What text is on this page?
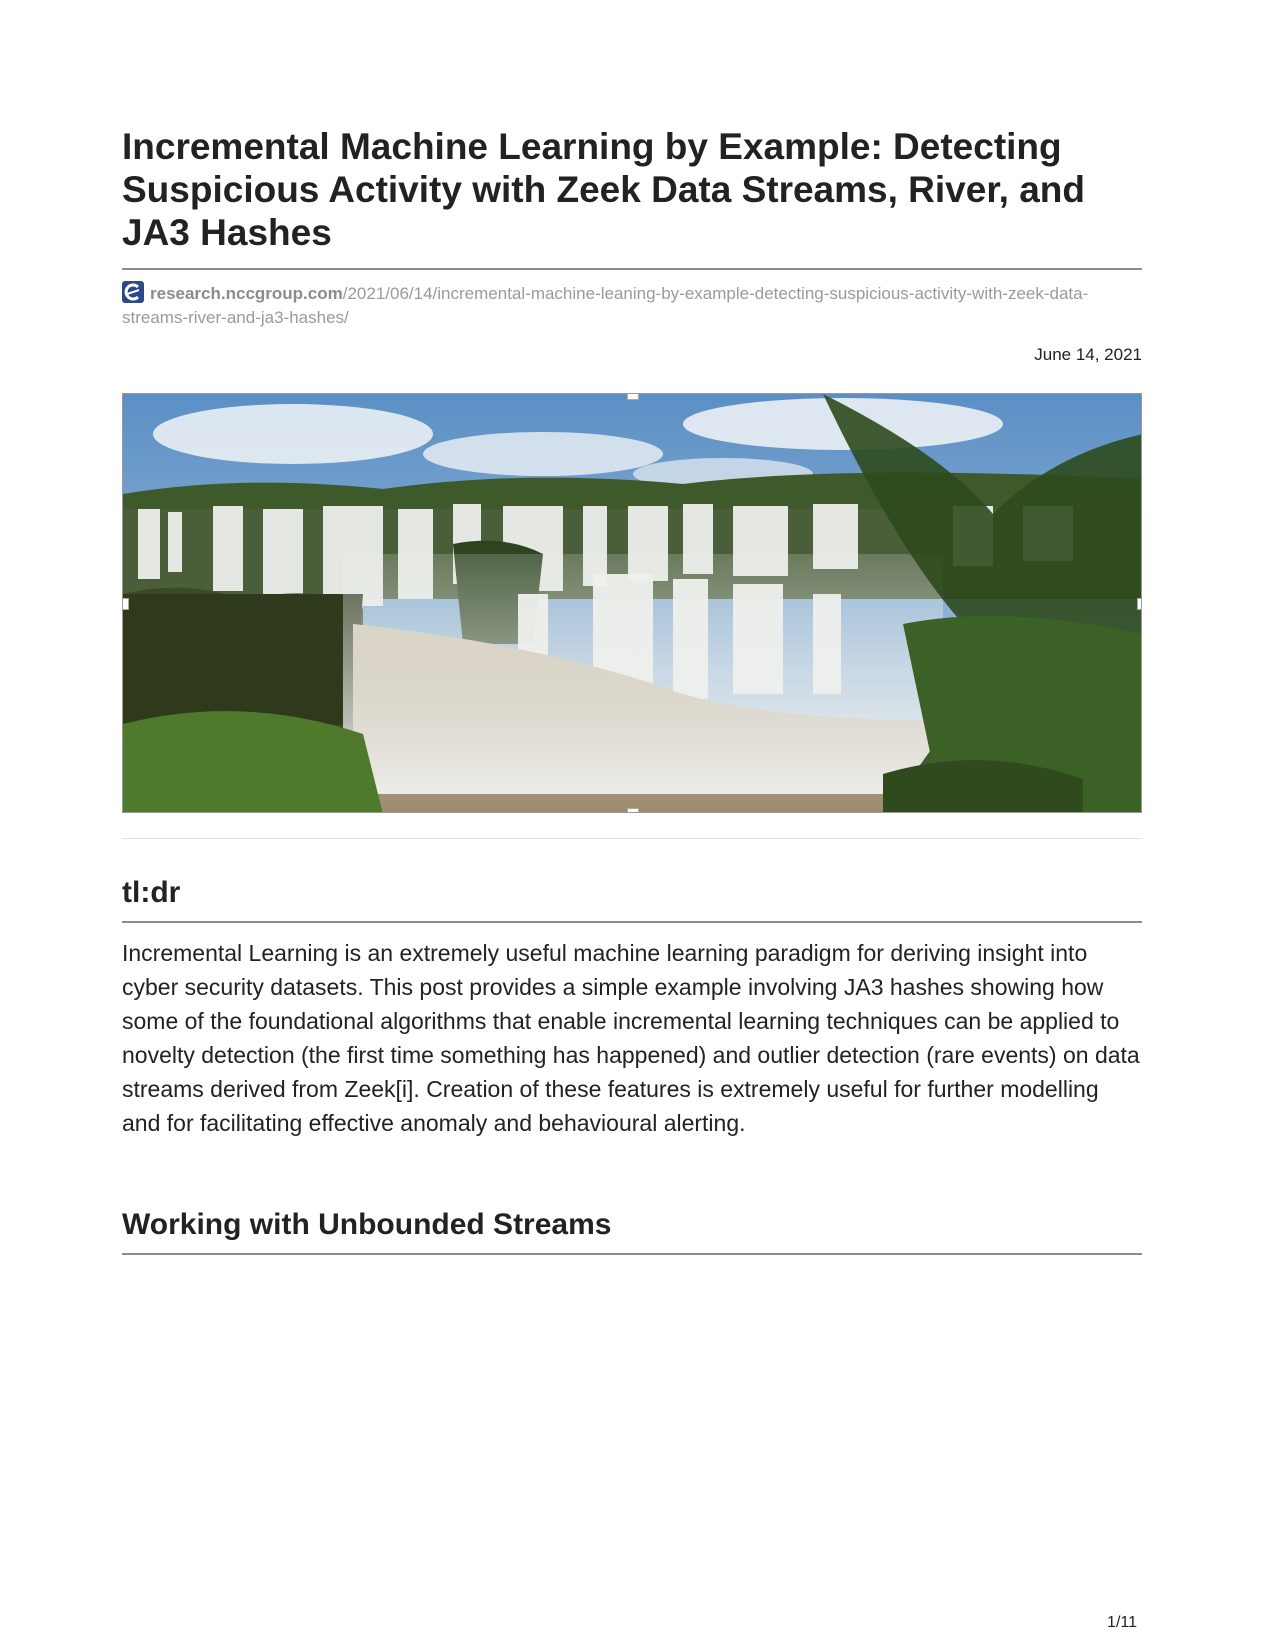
Incremental Machine Learning by Example: Detecting Suspicious Activity with Zeek Data Streams, River, and JA3 Hashes
research.nccgroup.com/2021/06/14/incremental-machine-leaning-by-example-detecting-suspicious-activity-with-zeek-data-streams-river-and-ja3-hashes/
June 14, 2021
tl:dr

Incremental Learning is an extremely useful machine learning paradigm for deriving insight into cyber security datasets. This post provides a simple example involving JA3 hashes showing how some of the foundational algorithms that enable incremental learning techniques can be applied to novelty detection (the first time something has happened) and outlier detection (rare events) on data streams derived from Zeek[i]. Creation of these features is extremely useful for further modelling and for facilitating effective anomaly and behavioural alerting.

Working with Unbounded Streams
1/11
